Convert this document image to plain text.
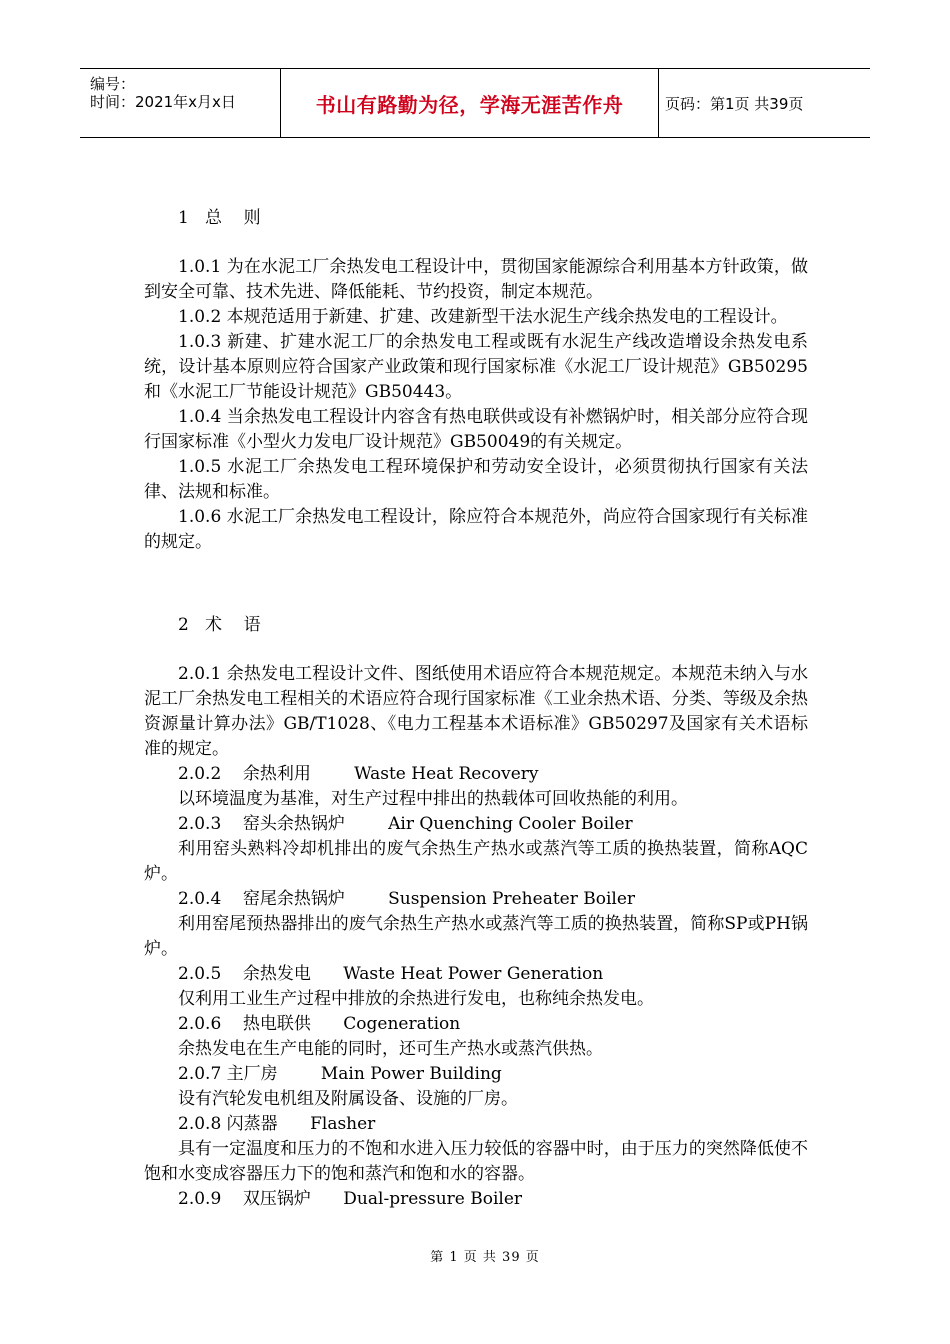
编号：
时间：2021年x月x日	书山有路勤为径，学海无涯苦作舟	页码：第1页 共39页

1   总    则

1.0.1 为在水泥工厂余热发电工程设计中，贯彻国家能源综合利用基本方针政策，做到安全可靠、技术先进、降低能耗、节约投资，制定本规范。

1.0.2 本规范适用于新建、扩建、改建新型干法水泥生产线余热发电的工程设计。

1.0.3 新建、扩建水泥工厂的余热发电工程或既有水泥生产线改造增设余热发电系统，设计基本原则应符合国家产业政策和现行国家标准《水泥工厂设计规范》GB50295和《水泥工厂节能设计规范》GB50443。

1.0.4 当余热发电工程设计内容含有热电联供或设有补燃锅炉时，相关部分应符合现行国家标准《小型火力发电厂设计规范》GB50049的有关规定。

1.0.5 水泥工厂余热发电工程环境保护和劳动安全设计，必须贯彻执行国家有关法律、法规和标准。

1.0.6 水泥工厂余热发电工程设计，除应符合本规范外，尚应符合国家现行有关标准的规定。

2   术    语

2.0.1 余热发电工程设计文件、图纸使用术语应符合本规范规定。本规范未纳入与水泥工厂余热发电工程相关的术语应符合现行国家标准《工业余热术语、分类、等级及余热资源量计算办法》GB/T1028、《电力工程基本术语标准》GB50297及国家有关术语标准的规定。

2.0.2    余热利用        Waste Heat Recovery

以环境温度为基准，对生产过程中排出的热载体可回收热能的利用。

2.0.3    窑头余热锅炉        Air Quenching Cooler Boiler

利用窑头熟料冷却机排出的废气余热生产热水或蒸汽等工质的换热装置，简称AQC炉。

2.0.4    窑尾余热锅炉        Suspension Preheater Boiler

利用窑尾预热器排出的废气余热生产热水或蒸汽等工质的换热装置，简称SP或PH锅炉。

2.0.5    余热发电      Waste Heat Power Generation

仅利用工业生产过程中排放的余热进行发电，也称纯余热发电。

2.0.6    热电联供      Cogeneration

余热发电在生产电能的同时，还可生产热水或蒸汽供热。

2.0.7 主厂房        Main Power Building

设有汽轮发电机组及附属设备、设施的厂房。

2.0.8 闪蒸器      Flasher

具有一定温度和压力的不饱和水进入压力较低的容器中时，由于压力的突然降低使不饱和水变成容器压力下的饱和蒸汽和饱和水的容器。

2.0.9    双压锅炉      Dual-pressure Boiler

第 1 页 共 39 页
